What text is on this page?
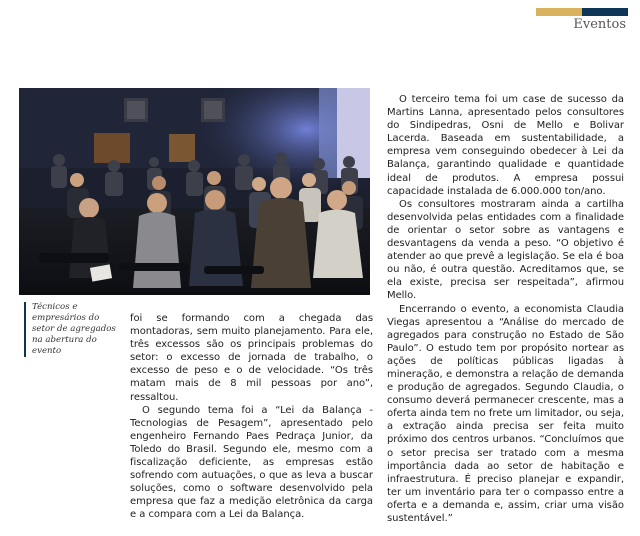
Eventos
Técnicos e empresários do setor de agregados na abertura do evento

foi se formando com a chegada das montadoras, sem muito planejamento. Para ele, três excessos são os principais problemas do setor: o excesso de jornada de trabalho, o excesso de peso e o de velocidade. “Os três matam mais de 8 mil pessoas por ano”, ressaltou.

O segundo tema foi a “Lei da Balança - Tecnologias de Pesagem”, apresentado pelo engenheiro Fernando Paes Pedraça Junior, da Toledo do Brasil. Segundo ele, mesmo com a fiscalização deficiente, as empresas estão sofrendo com autuações, o que as leva a buscar soluções, como o software desenvolvido pela empresa que faz a medição eletrônica da carga e a compara com a Lei da Balança.

O terceiro tema foi um case de sucesso da Martins Lanna, apresentado pelos consultores do Sindipedras, Osni de Mello e Bolivar Lacerda. Baseada em sustentabilidade, a empresa vem conseguindo obedecer à Lei da Balança, garantindo qualidade e quantidade ideal de produtos. A empresa possui capacidade instalada de 6.000.000 ton/ano.

Os consultores mostraram ainda a cartilha desenvolvida pelas entidades com a finalidade de orientar o setor sobre as vantagens e desvantagens da venda a peso. “O objetivo é atender ao que prevê a legislação. Se ela é boa ou não, é outra questão. Acreditamos que, se ela existe, precisa ser respeitada”, afirmou Mello.

Encerrando o evento, a economista Claudia Viegas apresentou a “Análise do mercado de agregados para construção no Estado de São Paulo”. O estudo tem por propósito nortear as ações de políticas públicas ligadas à mineração, e demonstra a relação de demanda e produção de agregados. Segundo Claudia, o consumo deverá permanecer crescente, mas a oferta ainda tem no frete um limitador, ou seja, a extração ainda precisa ser feita muito próximo dos centros urbanos. “Concluímos que o setor precisa ser tratado com a mesma importância dada ao setor de habitação e infraestrutura. É preciso planejar e expandir, ter um inventário para ter o compasso entre a oferta e a demanda e, assim, criar uma visão sustentável.”
